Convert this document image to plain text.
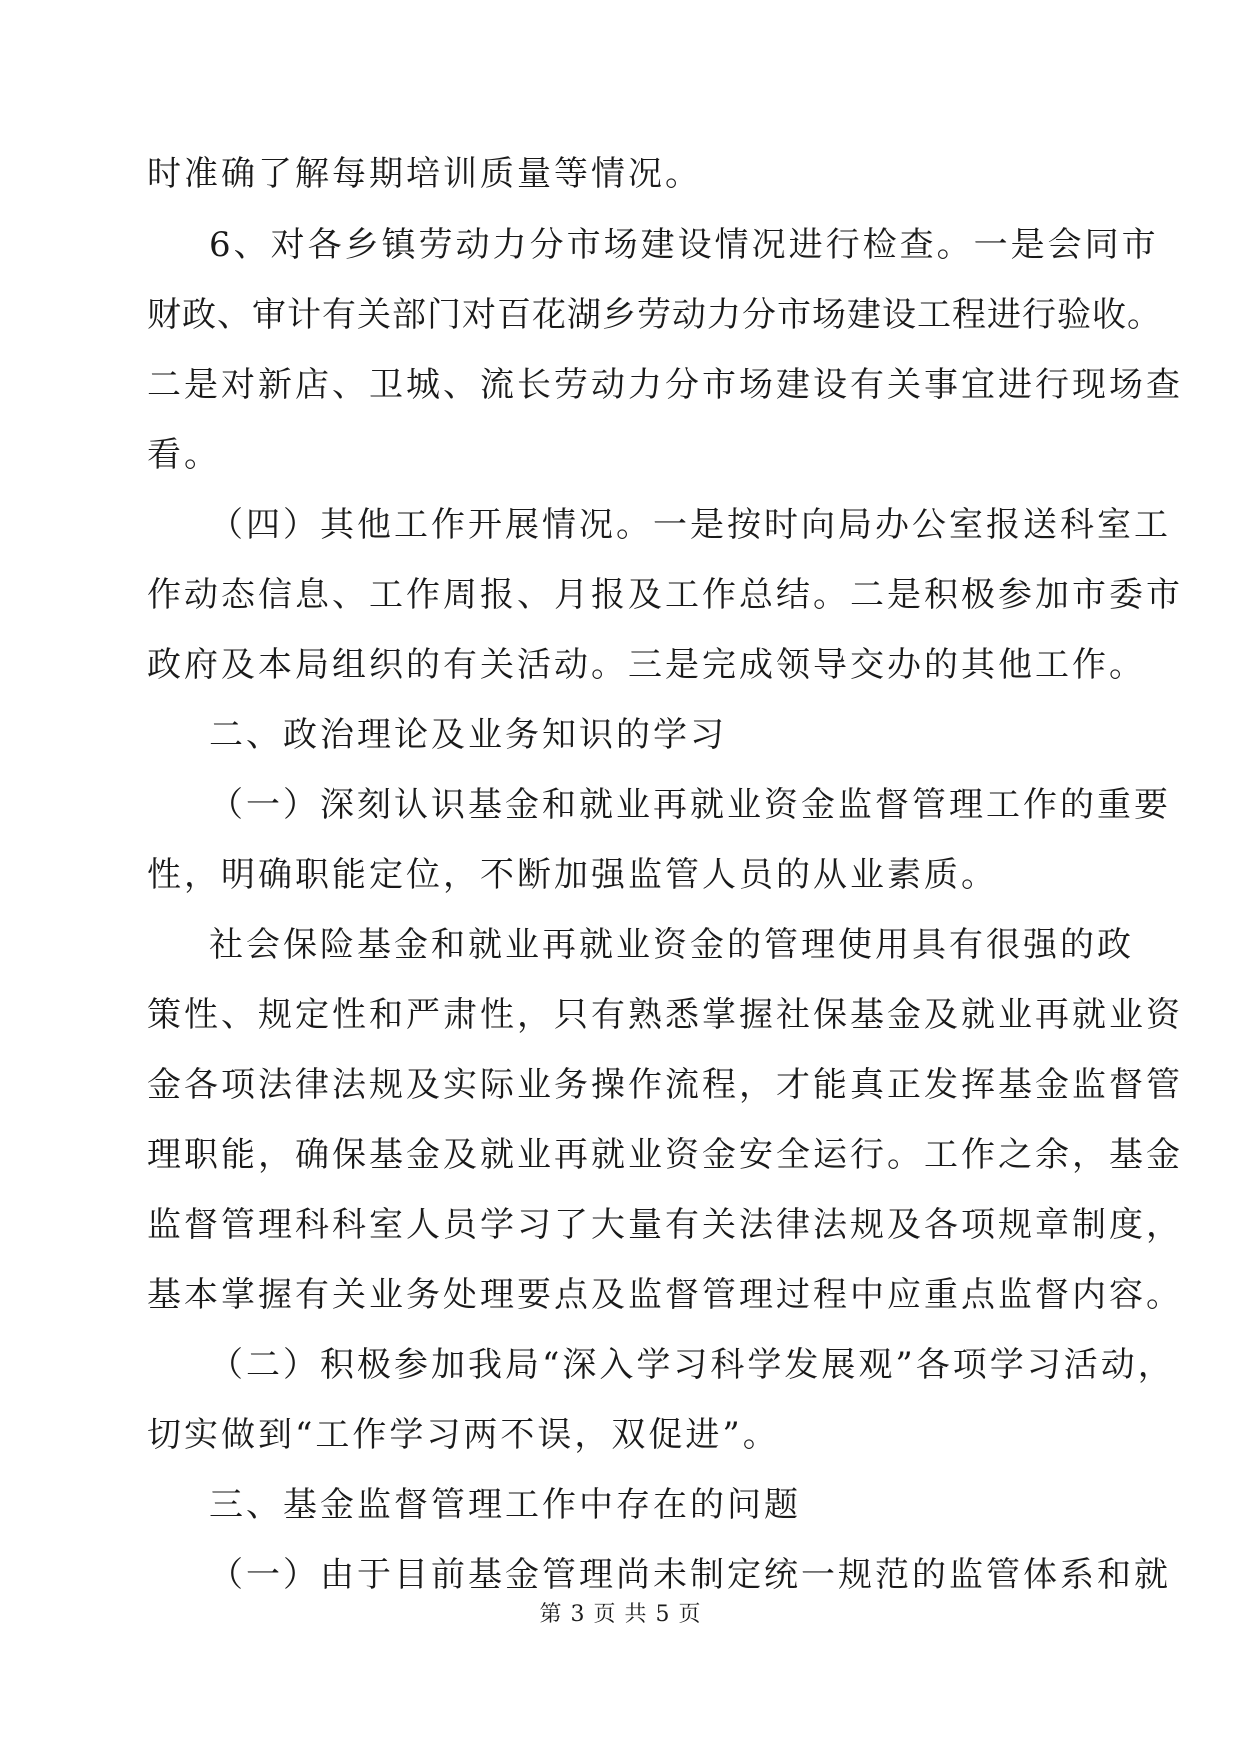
时准确了解每期培训质量等情况。
6、对各乡镇劳动力分市场建设情况进行检查。一是会同市
财政、审计有关部门对百花湖乡劳动力分市场建设工程进行验收。
二是对新店、卫城、流长劳动力分市场建设有关事宜进行现场查
看。
（四）其他工作开展情况。一是按时向局办公室报送科室工
作动态信息、工作周报、月报及工作总结。二是积极参加市委市
政府及本局组织的有关活动。三是完成领导交办的其他工作。
二、政治理论及业务知识的学习
（一）深刻认识基金和就业再就业资金监督管理工作的重要
性，明确职能定位，不断加强监管人员的从业素质。
社会保险基金和就业再就业资金的管理使用具有很强的政
策性、规定性和严肃性，只有熟悉掌握社保基金及就业再就业资
金各项法律法规及实际业务操作流程，才能真正发挥基金监督管
理职能，确保基金及就业再就业资金安全运行。工作之余，基金
监督管理科科室人员学习了大量有关法律法规及各项规章制度，
基本掌握有关业务处理要点及监督管理过程中应重点监督内容。
（二）积极参加我局“深入学习科学发展观”各项学习活动，
切实做到“工作学习两不误，双促进”。
三、基金监督管理工作中存在的问题
（一）由于目前基金管理尚未制定统一规范的监管体系和就
第 3 页 共 5 页
